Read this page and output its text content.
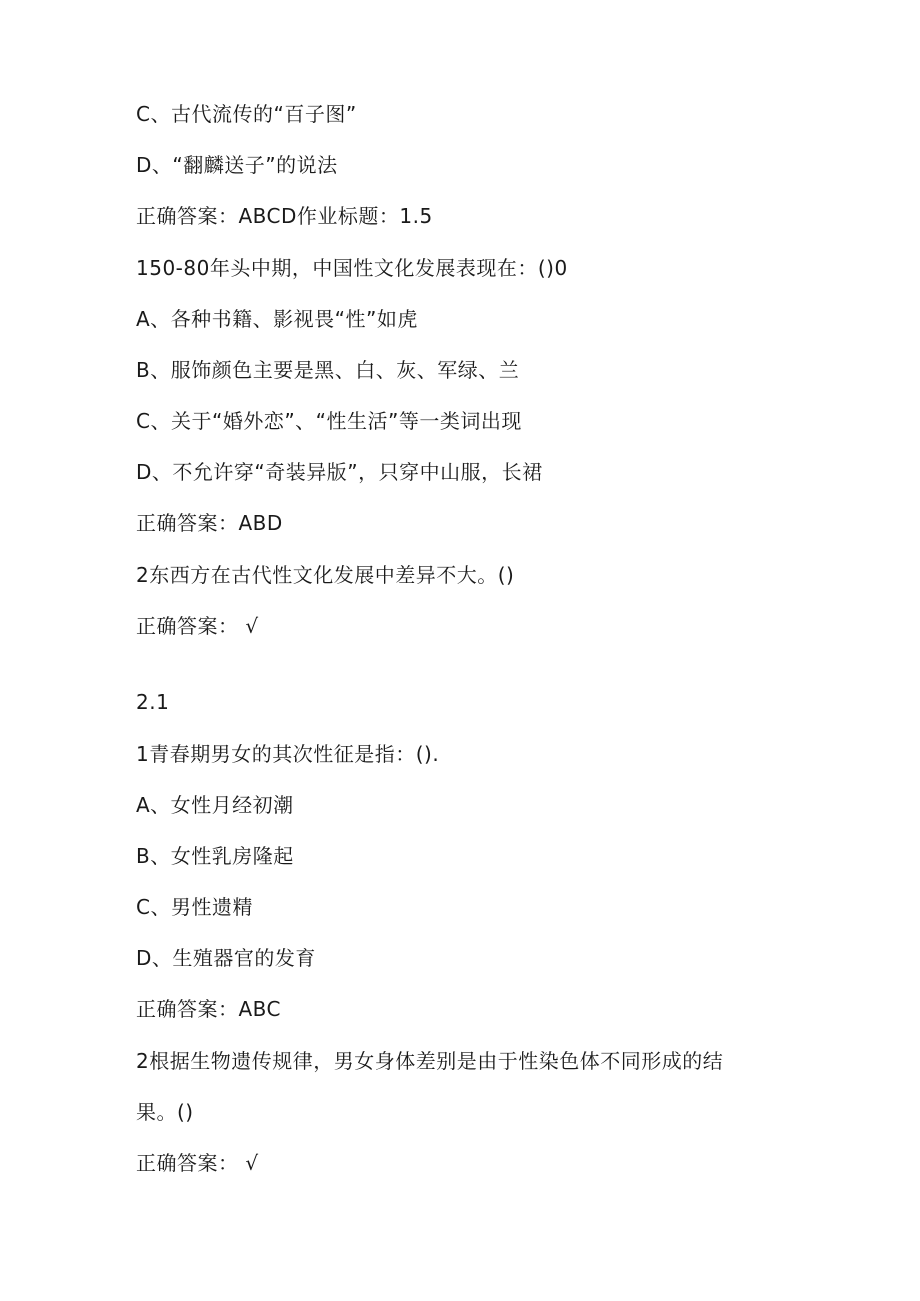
C、古代流传的“百子图”
D、“翻麟送子”的说法
正确答案：ABCD作业标题：1.5
150-80年头中期，中国性文化发展表现在：()0
A、各种书籍、影视畏“性”如虎
B、服饰颜色主要是黑、白、灰、军绿、兰
C、关于“婚外恋”、“性生活”等一类词出现
D、不允许穿“奇装异版”，只穿中山服，长裙
正确答案：ABD
2东西方在古代性文化发展中差异不大。()
正确答案： √
2.1
1青春期男女的其次性征是指：().
A、女性月经初潮
B、女性乳房隆起
C、男性遗精
D、生殖器官的发育
正确答案：ABC
2根据生物遗传规律，男女身体差别是由于性染色体不同形成的结
果。()
正确答案： √
